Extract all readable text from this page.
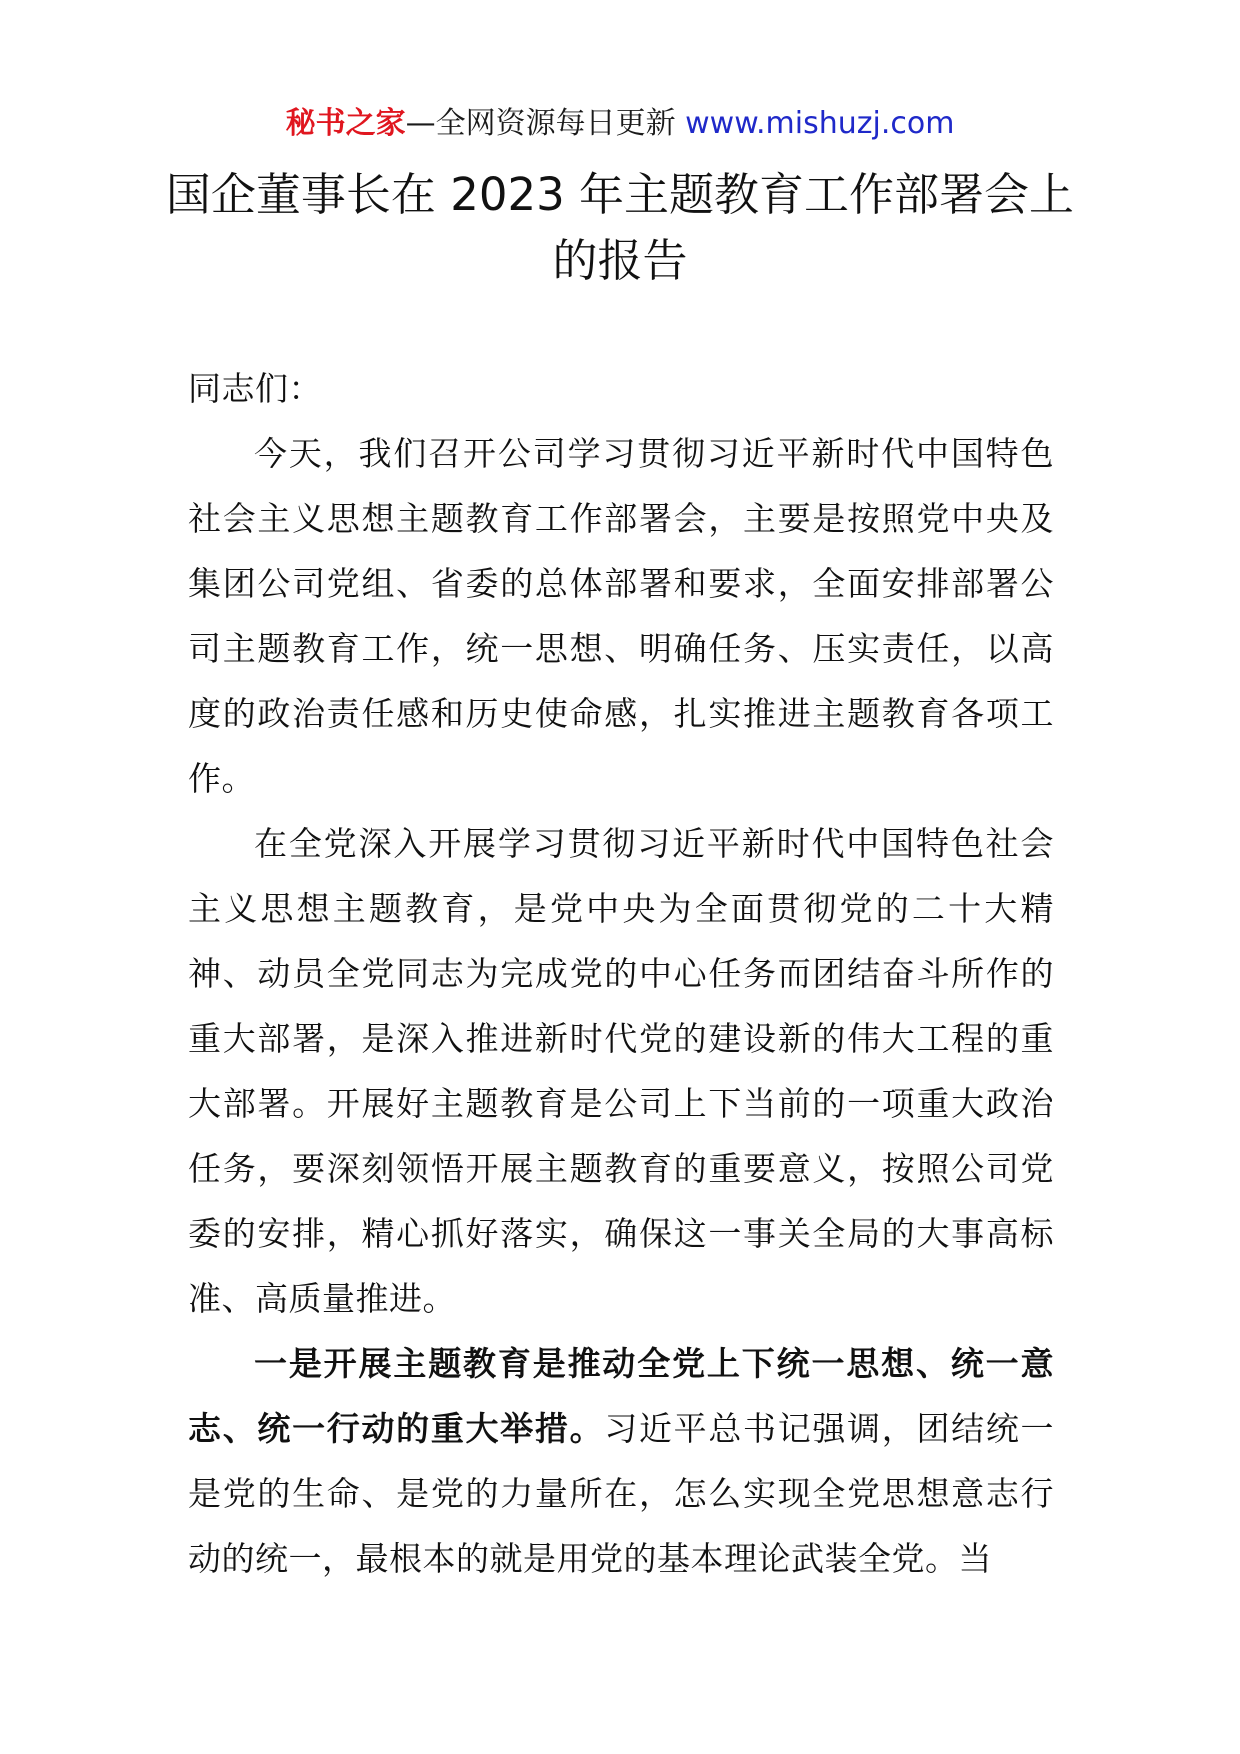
秘书之家—全网资源每日更新 www.mishuzj.com
国企董事长在 2023 年主题教育工作部署会上的报告

同志们：

今天，我们召开公司学习贯彻习近平新时代中国特色社会主义思想主题教育工作部署会，主要是按照党中央及集团公司党组、省委的总体部署和要求，全面安排部署公司主题教育工作，统一思想、明确任务、压实责任，以高度的政治责任感和历史使命感，扎实推进主题教育各项工作。

在全党深入开展学习贯彻习近平新时代中国特色社会主义思想主题教育，是党中央为全面贯彻党的二十大精神、动员全党同志为完成党的中心任务而团结奋斗所作的重大部署，是深入推进新时代党的建设新的伟大工程的重大部署。开展好主题教育是公司上下当前的一项重大政治任务，要深刻领悟开展主题教育的重要意义，按照公司党委的安排，精心抓好落实，确保这一事关全局的大事高标准、高质量推进。

一是开展主题教育是推动全党上下统一思想、统一意志、统一行动的重大举措。习近平总书记强调，团结统一是党的生命、是党的力量所在，怎么实现全党思想意志行动的统一，最根本的就是用党的基本理论武装全党。当
